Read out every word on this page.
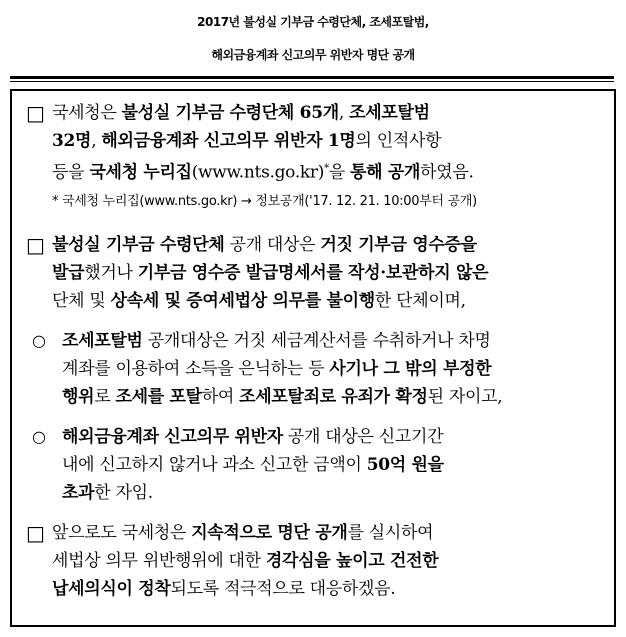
2017년 불성실 기부금 수령단체, 조세포탈범,
해외금융계좌 신고의무 위반자 명단 공개
□ 국세청은 불성실 기부금 수령단체 65개, 조세포탈범
32명, 해외금융계좌 신고의무 위반자 1명의 인적사항
등을 국세청 누리집(www.nts.go.kr)*을 통해 공개하였음.
* 국세청 누리집(www.nts.go.kr) → 정보공개('17. 12. 21. 10:00부터 공개)
□ 불성실 기부금 수령단체 공개 대상은 거짓 기부금 영수증을
발급했거나 기부금 영수증 발급명세서를 작성·보관하지 않은
단체 및 상속세 및 증여세법상 의무를 불이행한 단체이며,
○ 조세포탈범 공개대상은 거짓 세금계산서를 수취하거나 차명
계좌를 이용하여 소득을 은닉하는 등 사기나 그 밖의 부정한
행위로 조세를 포탈하여 조세포탈죄로 유죄가 확정된 자이고,
○ 해외금융계좌 신고의무 위반자 공개 대상은 신고기간
내에 신고하지 않거나 과소 신고한 금액이 50억 원을
초과한 자임.
□ 앞으로도 국세청은 지속적으로 명단 공개를 실시하여
세법상 의무 위반행위에 대한 경각심을 높이고 건전한
납세의식이 정착되도록 적극적으로 대응하겠음.
